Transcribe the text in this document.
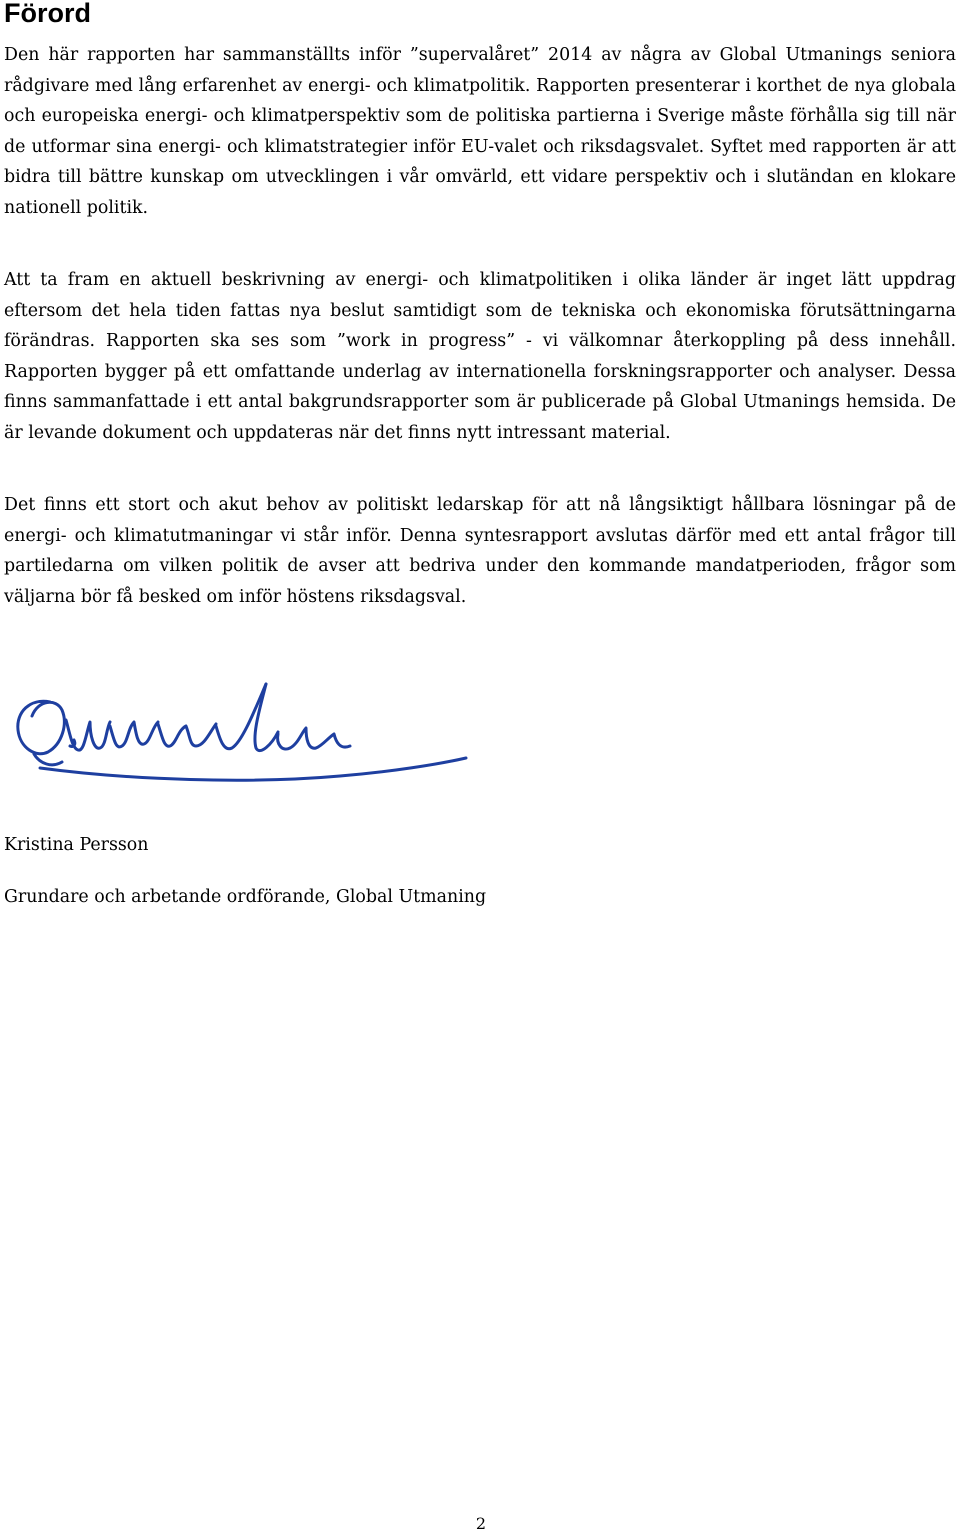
Förord

Den här rapporten har sammanställts inför ”supervalåret” 2014 av några av Global Utmanings seniora rådgivare med lång erfarenhet av energi- och klimatpolitik. Rapporten presenterar i korthet de nya globala och europeiska energi- och klimatperspektiv som de politiska partierna i Sverige måste förhålla sig till när de utformar sina energi- och klimatstrategier inför EU-valet och riksdagsvalet. Syftet med rapporten är att bidra till bättre kunskap om utvecklingen i vår omvärld, ett vidare perspektiv och i slutändan en klokare nationell politik.

Att ta fram en aktuell beskrivning av energi- och klimatpolitiken i olika länder är inget lätt uppdrag eftersom det hela tiden fattas nya beslut samtidigt som de tekniska och ekonomiska förutsättningarna förändras. Rapporten ska ses som ”work in progress” - vi välkomnar återkoppling på dess innehåll. Rapporten bygger på ett omfattande underlag av internationella forskningsrapporter och analyser. Dessa finns sammanfattade i ett antal bakgrundsrapporter som är publicerade på Global Utmanings hemsida. De är levande dokument och uppdateras när det finns nytt intressant material.

Det finns ett stort och akut behov av politiskt ledarskap för att nå långsiktigt hållbara lösningar på de energi- och klimatutmaningar vi står inför. Denna syntesrapport avslutas därför med ett antal frågor till partiledarna om vilken politik de avser att bedriva under den kommande mandatperioden, frågor som väljarna bör få besked om inför höstens riksdagsval.

Kristina Persson

Grundare och arbetande ordförande, Global Utmaning

2
